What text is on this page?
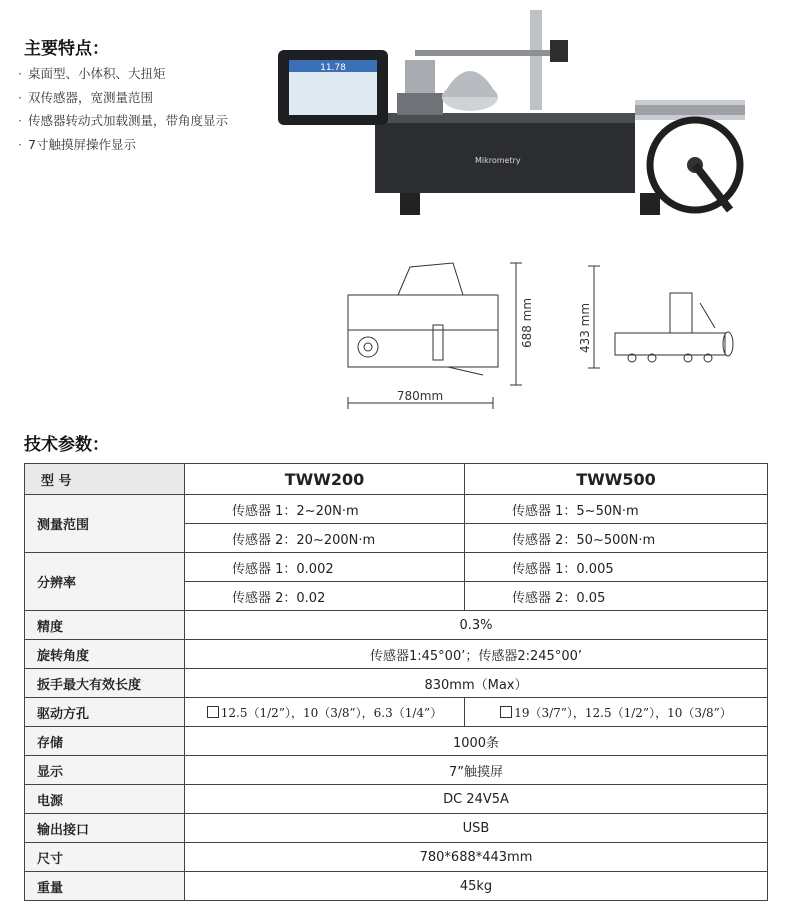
主要特点：
· 桌面型、小体积、大扭矩
· 双传感器，宽测量范围
· 传感器转动式加载测量，带角度显示
· 7寸触摸屏操作显示
11.78
Mikrometry
688 mm
780mm
433 mm
技术参数：
型 号	TWW200	TWW500
测量范围	传感器 1：2~20N·m	传感器 1：5~50N·m
	传感器 2：20~200N·m	传感器 2：50~500N·m
分辨率	传感器 1：0.002	传感器 1：0.005
	传感器 2：0.02	传感器 2：0.05
精度	0.3%	
旋转角度	传感器1:45°00’；传感器2:245°00’	
扳手最大有效长度	830mm（Max）	
驱动方孔	12.5（1/2”），10（3/8”），6.3（1/4”）	19（3/7”），12.5（1/2”），10（3/8”）
存储	1000条	
显示	7”触摸屏	
电源	DC 24V5A	
输出接口	USB	
尺寸	780*688*443mm	
重量	45kg	
